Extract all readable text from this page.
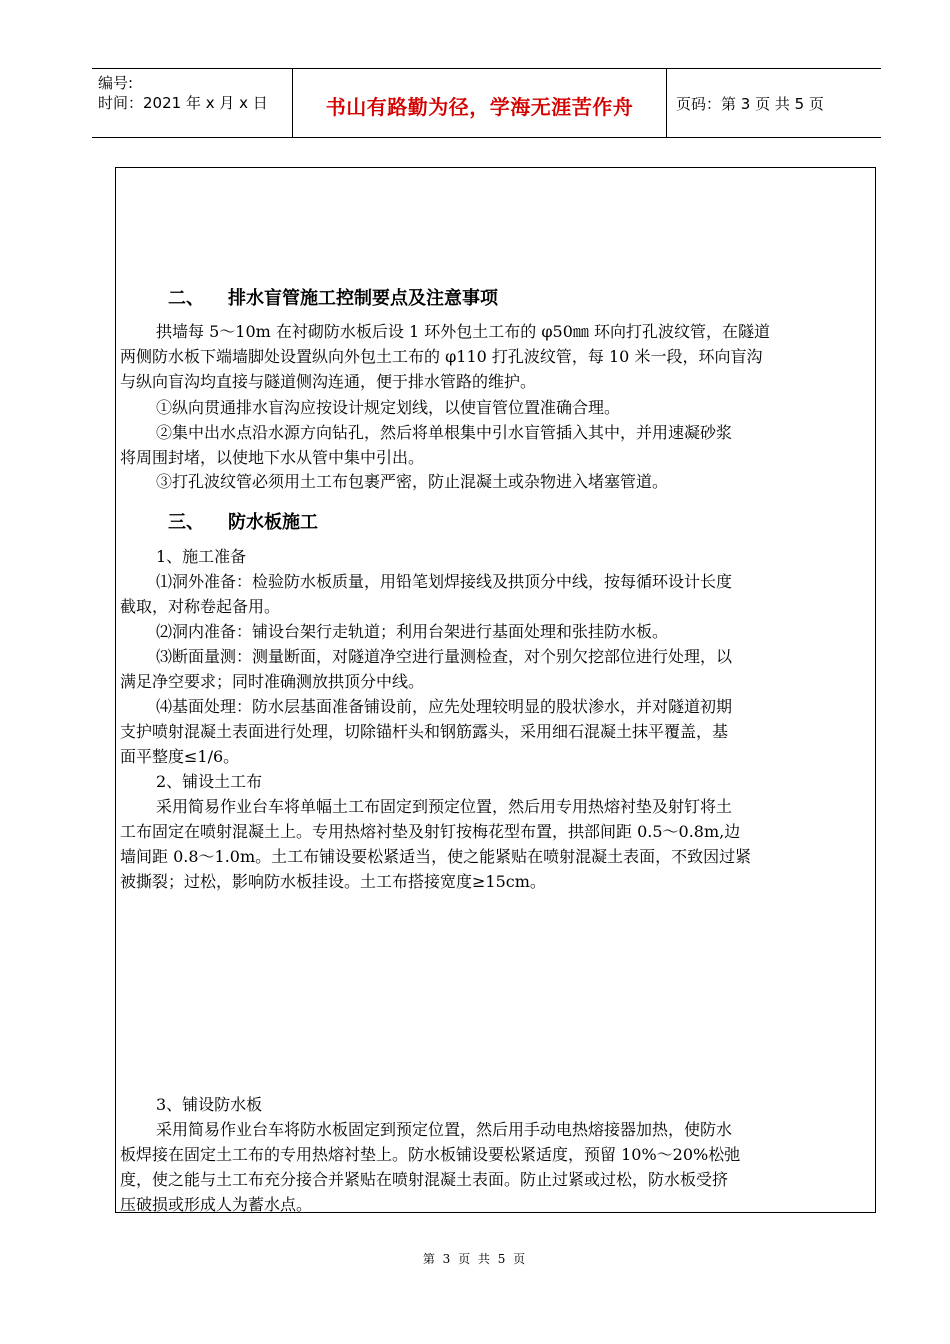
编号:
时间：2021 年 x 月 x 日	书山有路勤为径，学海无涯苦作舟	页码：第 3 页 共 5 页
二、 排水盲管施工控制要点及注意事项
拱墙每 5～10m 在衬砌防水板后设 1 环外包土工布的 φ50㎜ 环向打孔波纹管，在隧道
两侧防水板下端墙脚处设置纵向外包土工布的 φ110 打孔波纹管，每 10 米一段，环向盲沟
与纵向盲沟均直接与隧道侧沟连通，便于排水管路的维护。
①纵向贯通排水盲沟应按设计规定划线，以使盲管位置准确合理。
②集中出水点沿水源方向钻孔，然后将单根集中引水盲管插入其中，并用速凝砂浆
将周围封堵，以使地下水从管中集中引出。
③打孔波纹管必须用土工布包裹严密，防止混凝土或杂物进入堵塞管道。
三、 防水板施工
1、施工准备
⑴洞外准备：检验防水板质量，用铅笔划焊接线及拱顶分中线，按每循环设计长度
截取，对称卷起备用。
⑵洞内准备：铺设台架行走轨道；利用台架进行基面处理和张挂防水板。
⑶断面量测：测量断面，对隧道净空进行量测检查，对个别欠挖部位进行处理，以
满足净空要求；同时准确测放拱顶分中线。
⑷基面处理：防水层基面准备铺设前，应先处理较明显的股状渗水，并对隧道初期
支护喷射混凝土表面进行处理，切除锚杆头和钢筋露头，采用细石混凝土抹平覆盖，基
面平整度≤1/6。
2、铺设土工布
采用简易作业台车将单幅土工布固定到预定位置，然后用专用热熔衬垫及射钉将土
工布固定在喷射混凝土上。专用热熔衬垫及射钉按梅花型布置，拱部间距 0.5～0.8m,边
墙间距 0.8～1.0m。土工布铺设要松紧适当，使之能紧贴在喷射混凝土表面，不致因过紧
被撕裂；过松，影响防水板挂设。土工布搭接宽度≥15cm。
3、铺设防水板
采用简易作业台车将防水板固定到预定位置，然后用手动电热熔接器加热，使防水
板焊接在固定土工布的专用热熔衬垫上。防水板铺设要松紧适度，预留 10%～20%松弛
度，使之能与土工布充分接合并紧贴在喷射混凝土表面。防止过紧或过松，防水板受挤
压破损或形成人为蓄水点。
第 3 页 共 5 页
